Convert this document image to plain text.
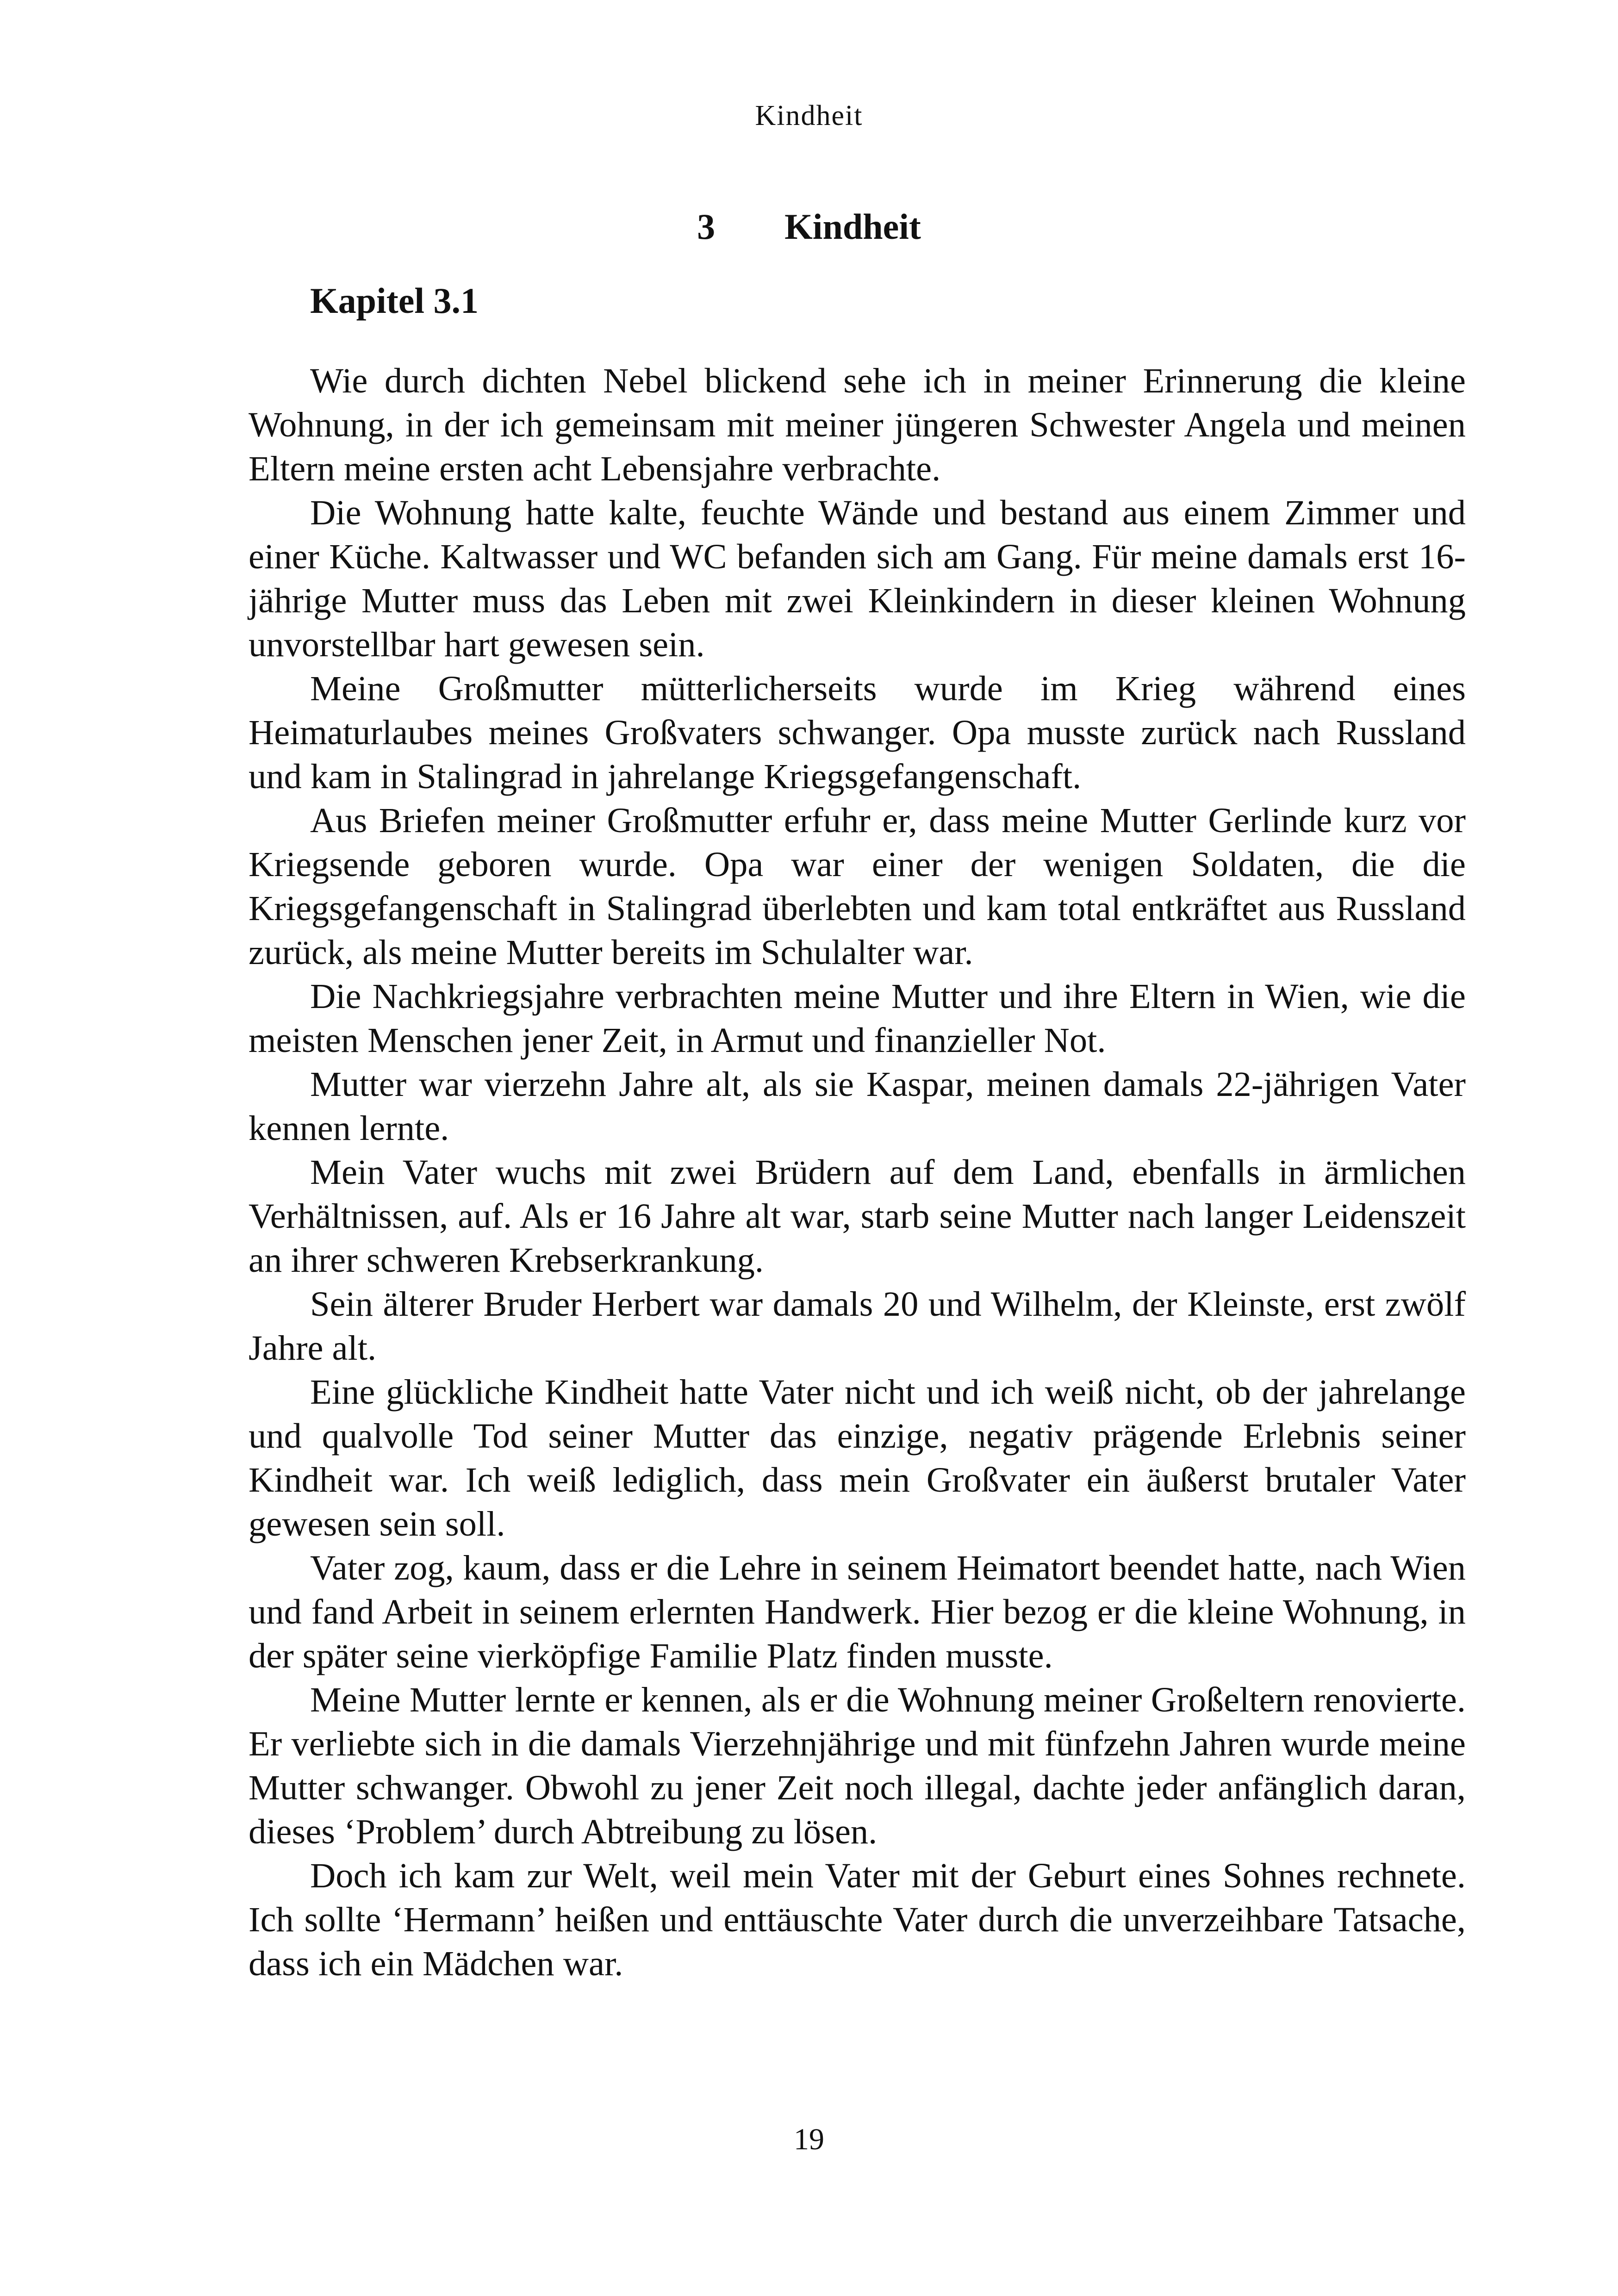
Kindheit
3 Kindheit
Kapitel 3.1

Wie durch dichten Nebel blickend sehe ich in meiner Erinnerung die kleine Wohnung, in der ich gemeinsam mit meiner jüngeren Schwester Angela und meinen Eltern meine ersten acht Lebensjahre verbrachte.

Die Wohnung hatte kalte, feuchte Wände und bestand aus einem Zimmer und einer Küche. Kaltwasser und WC befanden sich am Gang. Für meine damals erst 16-jährige Mutter muss das Leben mit zwei Kleinkindern in dieser kleinen Wohnung unvorstellbar hart gewesen sein.

Meine Großmutter mütterlicherseits wurde im Krieg während eines Heimaturlaubes meines Großvaters schwanger. Opa musste zurück nach Russland und kam in Stalingrad in jahrelange Kriegsgefangenschaft.

Aus Briefen meiner Großmutter erfuhr er, dass meine Mutter Gerlinde kurz vor Kriegsende geboren wurde. Opa war einer der wenigen Soldaten, die die Kriegsgefangenschaft in Stalingrad überlebten und kam total entkräftet aus Russland zurück, als meine Mutter bereits im Schulalter war.

Die Nachkriegsjahre verbrachten meine Mutter und ihre Eltern in Wien, wie die meisten Menschen jener Zeit, in Armut und finanzieller Not.

Mutter war vierzehn Jahre alt, als sie Kaspar, meinen damals 22-jährigen Vater kennen lernte.

Mein Vater wuchs mit zwei Brüdern auf dem Land, ebenfalls in ärmlichen Verhältnissen, auf. Als er 16 Jahre alt war, starb seine Mutter nach langer Leidenszeit an ihrer schweren Krebserkrankung.

Sein älterer Bruder Herbert war damals 20 und Wilhelm, der Kleinste, erst zwölf Jahre alt.

Eine glückliche Kindheit hatte Vater nicht und ich weiß nicht, ob der jahrelange und qualvolle Tod seiner Mutter das einzige, negativ prägende Erlebnis seiner Kindheit war. Ich weiß lediglich, dass mein Großvater ein äußerst brutaler Vater gewesen sein soll.

Vater zog, kaum, dass er die Lehre in seinem Heimatort beendet hatte, nach Wien und fand Arbeit in seinem erlernten Handwerk. Hier bezog er die kleine Wohnung, in der später seine vierköpfige Familie Platz finden musste.

Meine Mutter lernte er kennen, als er die Wohnung meiner Großeltern renovierte. Er verliebte sich in die damals Vierzehnjährige und mit fünfzehn Jahren wurde meine Mutter schwanger. Obwohl zu jener Zeit noch illegal, dachte jeder anfänglich daran, dieses ‘Problem’ durch Abtreibung zu lösen.

Doch ich kam zur Welt, weil mein Vater mit der Geburt eines Sohnes rechnete. Ich sollte ‘Hermann’ heißen und enttäuschte Vater durch die unverzeihbare Tatsache, dass ich ein Mädchen war.

19
